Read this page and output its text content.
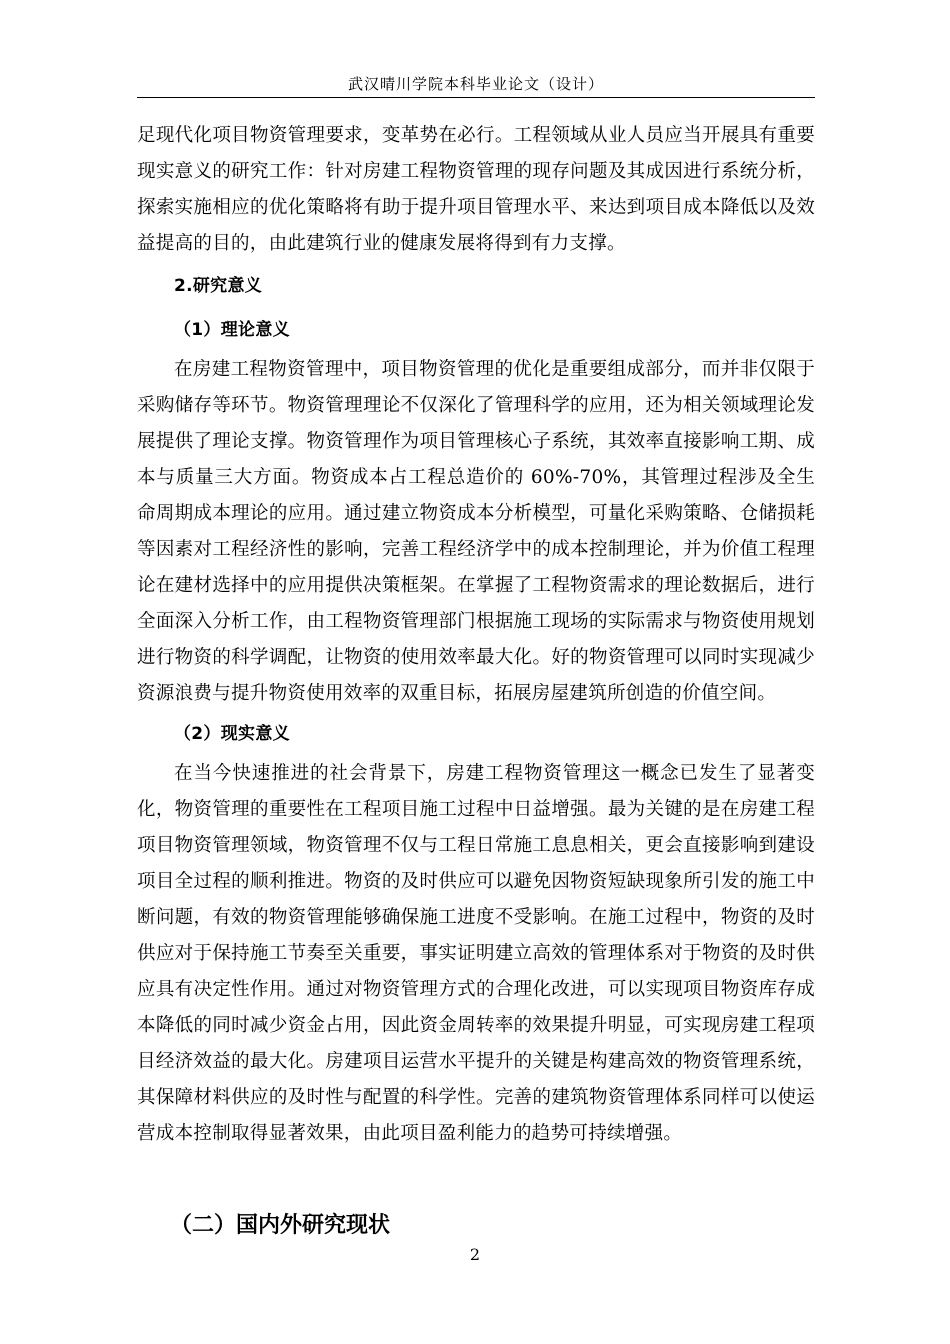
武汉晴川学院本科毕业论文（设计）

足现代化项目物资管理要求，变革势在必行。工程领域从业人员应当开展具有重要现实意义的研究工作：针对房建工程物资管理的现存问题及其成因进行系统分析，探索实施相应的优化策略将有助于提升项目管理水平、来达到项目成本降低以及效益提高的目的，由此建筑行业的健康发展将得到有力支撑。

2.研究意义

（1）理论意义

在房建工程物资管理中，项目物资管理的优化是重要组成部分，而并非仅限于采购储存等环节。物资管理理论不仅深化了管理科学的应用，还为相关领域理论发展提供了理论支撑。物资管理作为项目管理核心子系统，其效率直接影响工期、成本与质量三大方面。物资成本占工程总造价的 60%-70%，其管理过程涉及全生命周期成本理论的应用。通过建立物资成本分析模型，可量化采购策略、仓储损耗等因素对工程经济性的影响，完善工程经济学中的成本控制理论，并为价值工程理论在建材选择中的应用提供决策框架。在掌握了工程物资需求的理论数据后，进行全面深入分析工作，由工程物资管理部门根据施工现场的实际需求与物资使用规划进行物资的科学调配，让物资的使用效率最大化。好的物资管理可以同时实现减少资源浪费与提升物资使用效率的双重目标，拓展房屋建筑所创造的价值空间。

（2）现实意义

在当今快速推进的社会背景下，房建工程物资管理这一概念已发生了显著变化，物资管理的重要性在工程项目施工过程中日益增强。最为关键的是在房建工程项目物资管理领域，物资管理不仅与工程日常施工息息相关，更会直接影响到建设项目全过程的顺利推进。物资的及时供应可以避免因物资短缺现象所引发的施工中断问题，有效的物资管理能够确保施工进度不受影响。在施工过程中，物资的及时供应对于保持施工节奏至关重要，事实证明建立高效的管理体系对于物资的及时供应具有决定性作用。通过对物资管理方式的合理化改进，可以实现项目物资库存成本降低的同时减少资金占用，因此资金周转率的效果提升明显，可实现房建工程项目经济效益的最大化。房建项目运营水平提升的关键是构建高效的物资管理系统，其保障材料供应的及时性与配置的科学性。完善的建筑物资管理体系同样可以使运营成本控制取得显著效果，由此项目盈利能力的趋势可持续增强。

（二）国内外研究现状
2
